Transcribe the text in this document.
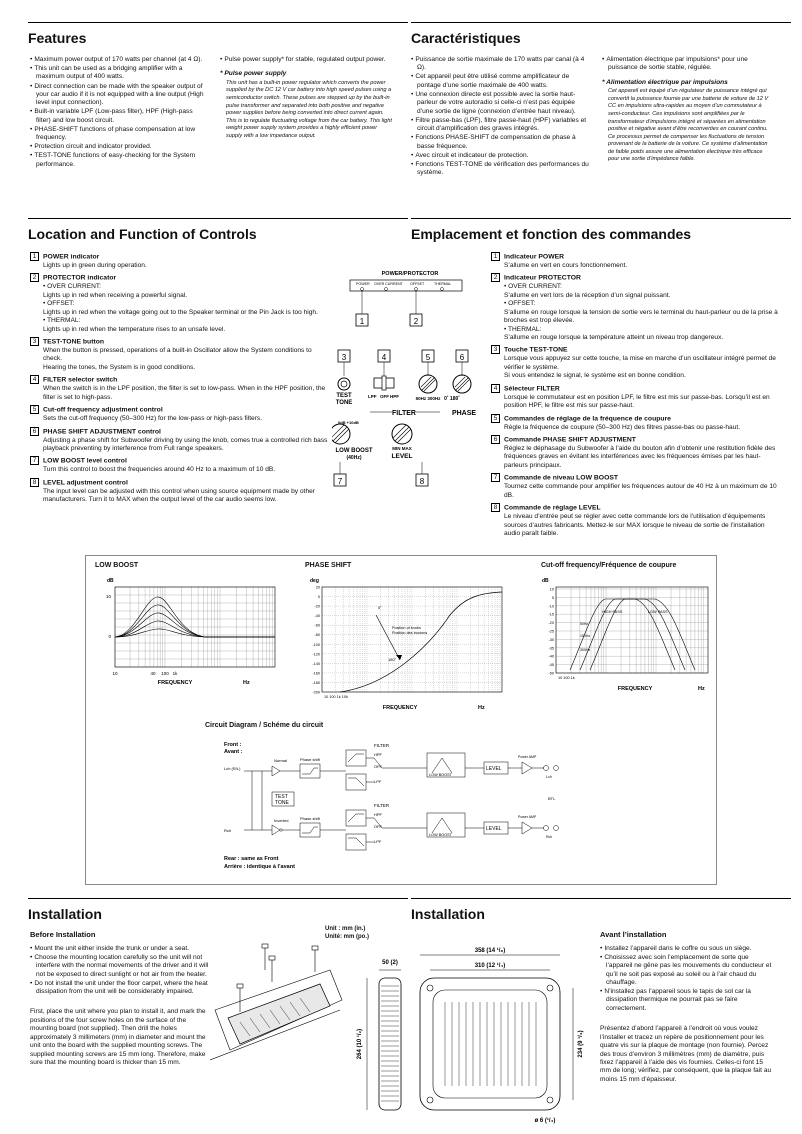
Features	Caractéristiques
• Maximum power output of 170 watts per channel (at 4 Ω).
• This unit can be used as a bridging amplifier with a maximum output of 400 watts.
• Direct connection can be made with the speaker output of your car audio if it is not equipped with a line output (High level input connection).
• Built-in variable LPF (Low-pass filter), HPF (High-pass filter) and low boost circuit.
• PHASE-SHIFT functions of phase compensation at low frequency.
• Protection circuit and indicator provided.
• TEST-TONE functions of easy-checking for the System performance.
• Pulse power supply* for stable, regulated output power.
* Pulse power supply
This unit has a built-in power regulator which converts the power supplied by the DC 12 V car battery into high speed pulses using a semiconductor switch. These pulses are stepped up by the built-in pulse transformer and separated into both positive and negative power supplies before being converted into direct current again. This is to regulate fluctuating voltage from the car battery. This light weight power supply system provides a highly efficient power supply with a low impedance output.
• Puissance de sortie maximale de 170 watts par canal (à 4 Ω).
• Cet appareil peut être utilisé comme amplificateur de pontage d’une sortie maximale de 400 watts.
• Une connexion directe est possible avec la sortie haut-parleur de votre autoradio si celle-ci n’est pas équipée d’une sortie de ligne (connexion d’entrée haut niveau).
• Filtre passe-bas (LPF), filtre passe-haut (HPF) variables et circuit d’amplification des graves intégrés.
• Fonctions PHASE-SHIFT de compensation de phase à basse fréquence.
• Avec circuit et indicateur de protection.
• Fonctions TEST-TONE de vérification des performances du système.
• Alimentation électrique par impulsions* pour une puissance de sortie stable, régulée.
* Alimentation électrique par impulsions
Cet appareil est équipé d’un régulateur de puissance intégré qui convertit la puissance fournie par une batterie de voiture de 12 V CC en impulsions ultra-rapides au moyen d’un commutateur à semi-conducteur. Ces impulsions sont amplifiées par le transformateur d’impulsions intégré et séparées en alimentation positive et négative avant d’être reconverties en courant continu. Ce processus permet de compenser les fluctuations de tension provenant de la batterie de la voiture. Ce système d’alimentation de faible poids assure une alimentation électrique très efficace pour une sortie d’impédance faible.
Location and Function of Controls	Emplacement et fonction des commandes
1 POWER indicator
Lights up in green during operation.
2 PROTECTOR indicator
• OVER CURRENT:
Lights up in red when receiving a powerful signal.
• OFFSET:
Lights up in red when the voltage going out to the Speaker terminal or the Pin Jack is too high.
• THERMAL:
Lights up in red when the temperature rises to an unsafe level.
3 TEST-TONE button
When the button is pressed, operations of a built-in Oscillator allow the System conditions to check.
Hearing the tones, the System is in good conditions.
4 FILTER selector switch
When the switch is in the LPF position, the filter is set to low-pass. When in the HPF position, the filter is set to high-pass.
5 Cut-off frequency adjustment control
Sets the cut-off frequency (50–300 Hz) for the low-pass or high-pass filters.
6 PHASE SHIFT ADJUSTMENT control
Adjusting a phase shift for Subwoofer driving by using the knob, comes true a controlled rich bass playback preventing by interference from Full range speakers.
7 LOW BOOST level control
Turn this control to boost the frequencies around 40 Hz to a maximum of 10 dB.
8 LEVEL adjustment control
The input level can be adjusted with this control when using source equipment made by other manufacturers. Turn it to MAX when the output level of the car audio seems low.
1 Indicateur POWER
S’allume en vert en cours fonctionnement.
2 Indicateur PROTECTOR
• OVER CURRENT:
S’allume en vert lors de la réception d’un signal puissant.
• OFFSET:
S’allume en rouge lorsque la tension de sortie vers le terminal du haut-parleur ou de la prise à broches est trop élevée.
• THERMAL:
S’allume en rouge lorsque la température atteint un niveau trop dangereux.
3 Touche TEST-TONE
Lorsque vous appuyez sur cette touche, la mise en marche d’un oscillateur intégré permet de vérifier le système.
Si vous entendez le signal, le système est en bonne condition.
4 Sélecteur FILTER
Lorsque le commutateur est en position LPF, le filtre est mis sur passe-bas. Lorsqu’il est en position HPF, le filtre est mis sur passe-haut.
5 Commandes de réglage de la fréquence de coupure
Règle la fréquence de coupure (50–300 Hz) des filtres passe-bas ou passe-haut.
6 Commande PHASE SHIFT ADJUSTMENT
Réglez le déphasage du Subwoofer à l’aide du bouton afin d’obtenir une restitution fidèle des fréquences graves en évitant les interférences avec les fréquences émises par les haut-parleurs principaux.
7 Commande de niveau LOW BOOST
Tournez cette commande pour amplifier les fréquences autour de 40 Hz à un maximum de 10 dB.
8 Commande de réglage LEVEL
Le niveau d’entrée peut se régler avec cette commande lors de l’utilisation d’équipements sources d’autres fabricants. Mettez-le sur MAX lorsque le niveau de sortie de l’installation audio paraît faible.
POWER/PROTECTOR
POWER OVER CURRENT OFFSET	THERMAL
1	2
3	4	5	6
TEST
TONE
LPF OFF HPF	50Hz 300Hz 0˚ 180˚
FILTER	PHASE
0dB +10dB
LOW BOOST
(40Hz)
MIN MAX
LEVEL
7	8
LOW BOOST
dB
10
0
10	40 100 1k
FREQUENCY	Hz
PHASE SHIFT
deg
20
0
-20
-40
-60
-80
-100
-120
-140
-160
-180
-200
0˚
180˚
Position of knobs
Position des boutons
10 100 1k 10k
FREQUENCY	Hz
Cut-off frequency/Fréquence de coupure
dB
10
5
-10
-15
-20
-25
-30
-35
-40
-45
-50
HIGH PASS	LOW PASS
50Hz
150Hz
300Hz
10 100 1k
FREQUENCY	Hz
Circuit Diagram / Schéme du circuit
Front :
Avant :
Lch (R/L)
Rch
Normal
Inverted
Phase shift
Phase shift
FILTER
FILTER
HPF
OFF
LPF
HPF
OFF
LPF
LOW BOOST
LOW BOOST
LEVEL
LEVEL
TEST
TONE
Power AMP
Power AMP
Lch
Rch
BTL
Rear : same as Front
Arrière : identique à l’avant
Installation	Installation
Before Installation
• Mount the unit either inside the trunk or under a seat.
• Choose the mounting location carefully so the unit will not interfere with the normal movements of the driver and it will not be exposed to direct sunlight or hot air from the heater.
• Do not install the unit under the floor carpet, where the heat dissipation from the unit will be considerably impaired.

First, place the unit where you plan to install it, and mark the positions of the four screw holes on the surface of the mounting board (not supplied). Then drill the holes approximately 3 millimeters (mm) in diameter and mount the unit onto the board with the supplied mounting screws. The supplied mounting screws are 15 mm long. Therefore, make sure that the mounting board is thicker than 15 mm.

Avant l’installation
• Installez l’appareil dans le coffre ou sous un siège.
• Choisissez avec soin l’emplacement de sorte que l’appareil ne gêne pas les mouvements du conducteur et qu’il ne soit pas exposé au soleil ou à l’air chaud du chauffage.
• N’installez pas l’appareil sous le tapis de sol car la dissipation thermique ne pourrait pas se faire correctement.

Présentez d’abord l’appareil à l’endroit où vous voulez l’installer et tracez un repère de positionnement pour les quatre vis sur la plaque de montage (non fournie). Percez des trous d’environ 3 millimètres (mm) de diamètre, puis fixez l’appareil à l’aide des vis fournies. Celles-ci font 15 mm de long; vérifiez, par conséquent, que la plaque fait au moins 15 mm d’épaisseur.

Unit : mm (in.)
Unité: mm (po.)
358 (14 ¹/₈)
310 (12 ¹/₄)
50 (2)
264 (10 ¹/₂)	234 (9 ¹/₄)
ø 6 (¹/₄)
